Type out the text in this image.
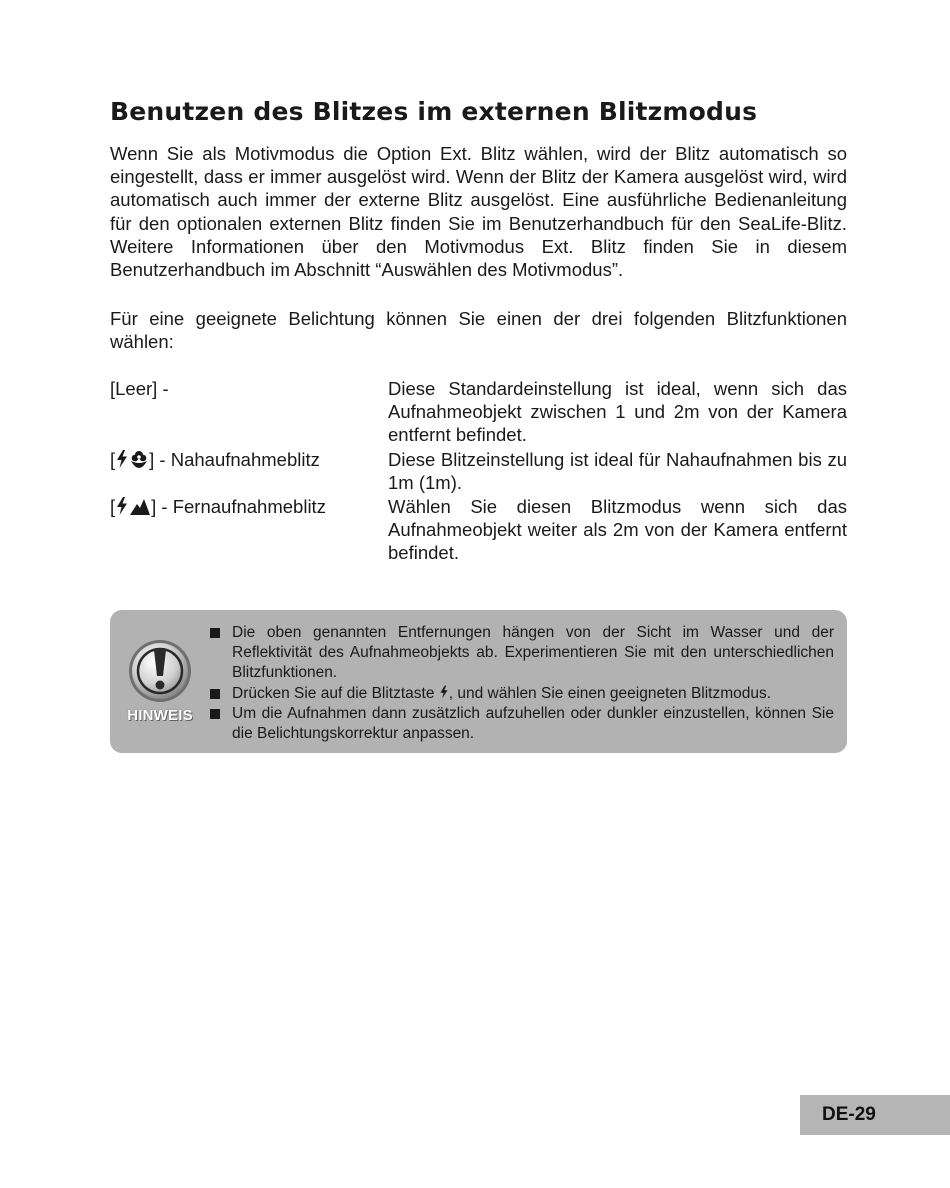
Benutzen des Blitzes im externen Blitzmodus

Wenn Sie als Motivmodus die Option Ext. Blitz wählen, wird der Blitz automatisch so eingestellt, dass er immer ausgelöst wird. Wenn der Blitz der Kamera ausgelöst wird, wird automatisch auch immer der externe Blitz ausgelöst. Eine ausführliche Bedienanleitung für den optionalen externen Blitz finden Sie im Benutzerhandbuch für den SeaLife-Blitz. Weitere Informationen über den Motivmodus Ext. Blitz finden Sie in diesem Benutzerhandbuch im Abschnitt “Auswählen des Motivmodus”.

Für eine geeignete Belichtung können Sie einen der drei folgenden Blitzfunktionen wählen:

[Leer] -	Diese Standardeinstellung ist ideal, wenn sich das Aufnahmeobjekt zwischen 1 und 2m von der Kamera entfernt befindet.
[ ] - Nahaufnahmeblitz	Diese Blitzeinstellung ist ideal für Nahaufnahmen bis zu 1m (1m).
[ ] - Fernaufnahmeblitz	Wählen Sie diesen Blitzmodus wenn sich das Aufnahmeobjekt weiter als 2m von der Kamera entfernt befindet.
HINWEIS
Die oben genannten Entfernungen hängen von der Sicht im Wasser und der Reflektivität des Aufnahmeobjekts ab. Experimentieren Sie mit den unterschiedlichen Blitzfunktionen.
Drücken Sie auf die Blitztaste , und wählen Sie einen geeigneten Blitzmodus.
Um die Aufnahmen dann zusätzlich aufzuhellen oder dunkler einzustellen, können Sie die Belichtungskorrektur anpassen.
DE-29
